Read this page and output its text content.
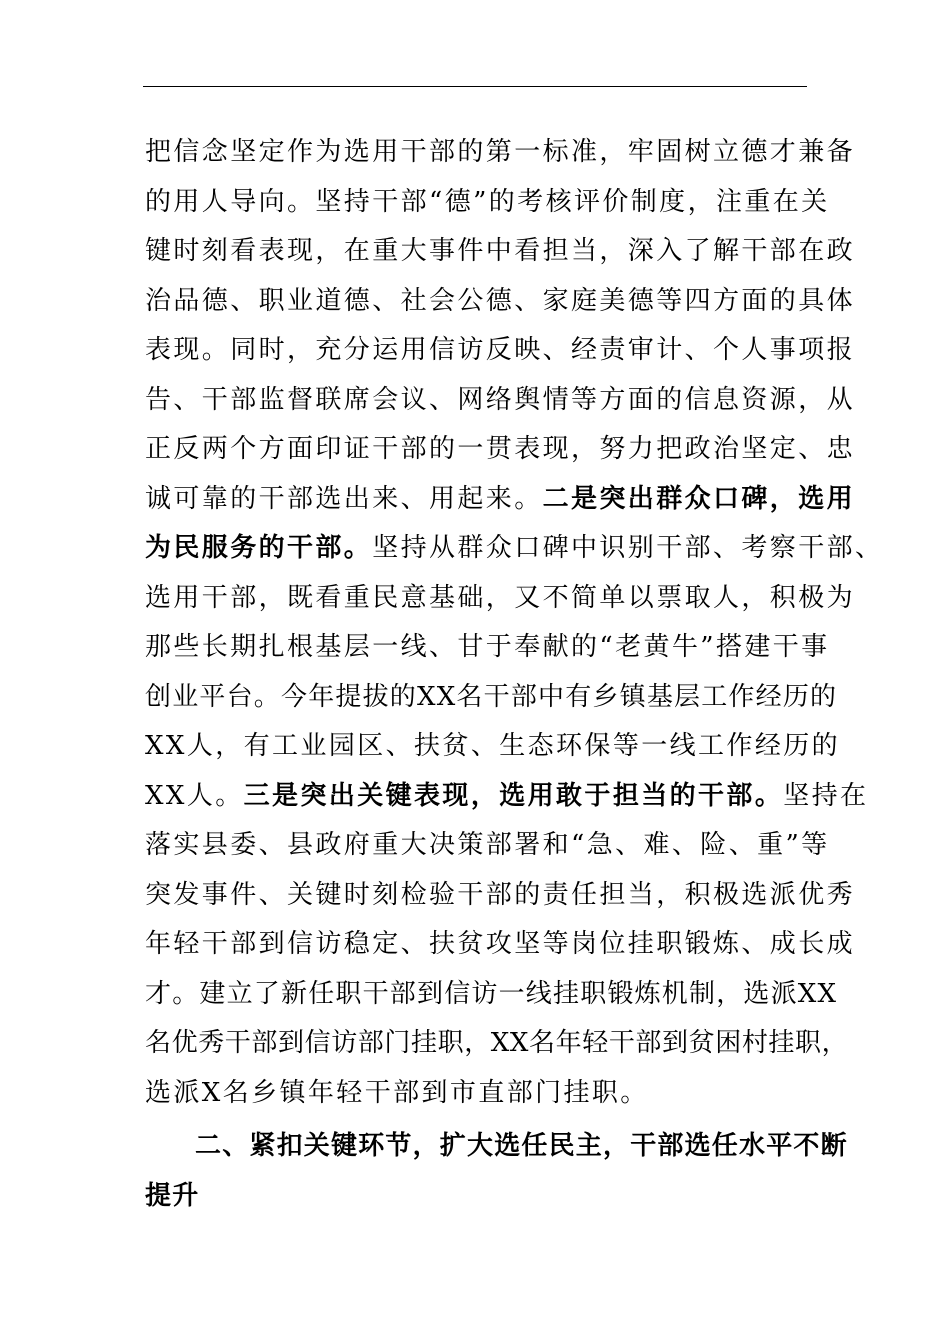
把信念坚定作为选用干部的第一标准，牢固树立德才兼备
的用人导向。坚持干部“德”的考核评价制度，注重在关
键时刻看表现，在重大事件中看担当，深入了解干部在政
治品德、职业道德、社会公德、家庭美德等四方面的具体
表现。同时，充分运用信访反映、经责审计、个人事项报
告、干部监督联席会议、网络舆情等方面的信息资源，从
正反两个方面印证干部的一贯表现，努力把政治坚定、忠
诚可靠的干部选出来、用起来。二是突出群众口碑，选用
为民服务的干部。坚持从群众口碑中识别干部、考察干部、
选用干部，既看重民意基础，又不简单以票取人，积极为
那些长期扎根基层一线、甘于奉献的“老黄牛”搭建干事
创业平台。今年提拔的XX名干部中有乡镇基层工作经历的
XX人，有工业园区、扶贫、生态环保等一线工作经历的
XX人。三是突出关键表现，选用敢于担当的干部。坚持在
落实县委、县政府重大决策部署和“急、难、险、重”等
突发事件、关键时刻检验干部的责任担当，积极选派优秀
年轻干部到信访稳定、扶贫攻坚等岗位挂职锻炼、成长成
才。建立了新任职干部到信访一线挂职锻炼机制，选派XX
名优秀干部到信访部门挂职，XX名年轻干部到贫困村挂职，
选派X名乡镇年轻干部到市直部门挂职。
二、紧扣关键环节，扩大选任民主，干部选任水平不断
提升
